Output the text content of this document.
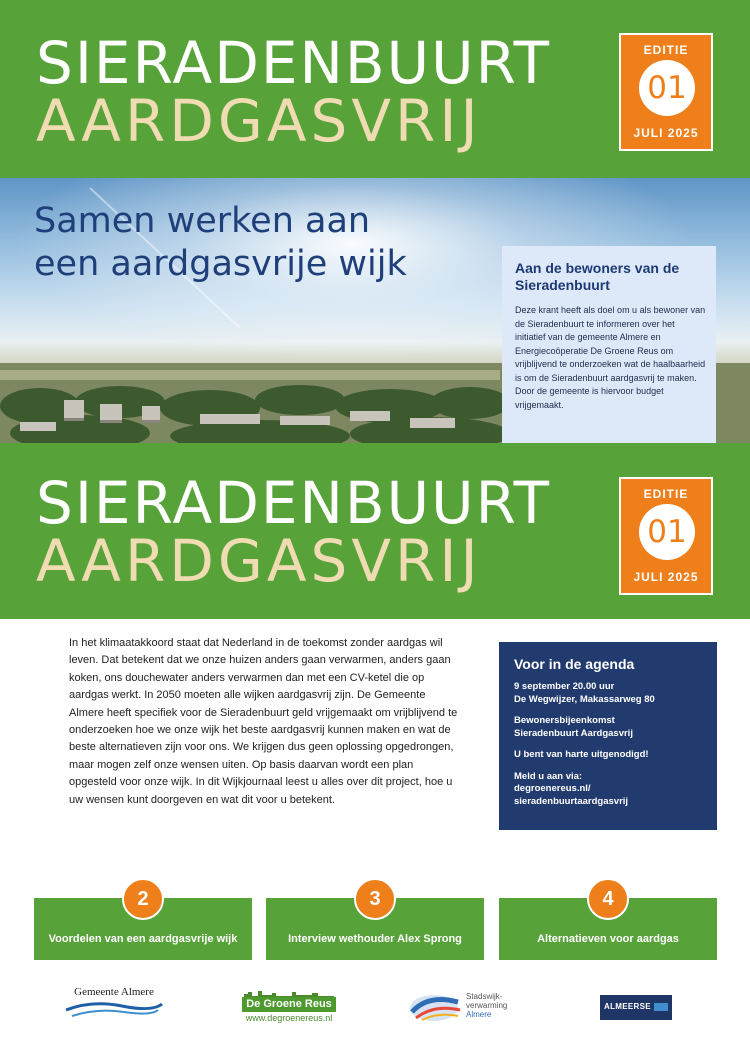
SIERADENBUURT
AARDGASVRIJ
EDITIE
01
JULI 2025
Samen werken aan
een aardgasvrije wijk	Aan de bewoners van de Sieradenbuurt

Deze krant heeft als doel om u als bewoner van de Sieradenbuurt te informeren over het initiatief van de gemeente Almere en Energiecoöperatie De Groene Reus om vrijblijvend te onderzoeken wat de haalbaarheid is om de Sieradenbuurt aardgasvrij te maken. Door de gemeente is hiervoor budget vrijgemaakt.

SIERADENBUURT
AARDGASVRIJ
EDITIE
01
JULI 2025
In het klimaatakkoord staat dat Nederland in de toekomst zonder aardgas wil leven. Dat betekent dat we onze huizen anders gaan verwarmen, anders gaan koken, ons douchewater anders verwarmen dan met een CV-ketel die op aardgas werkt. In 2050 moeten alle wijken aardgasvrij zijn. De Gemeente Almere heeft specifiek voor de Sieradenbuurt geld vrijgemaakt om vrijblijvend te onderzoeken hoe we onze wijk het beste aardgasvrij kunnen maken en wat de beste alternatieven zijn voor ons. We krijgen dus geen oplossing opgedrongen, maar mogen zelf onze wensen uiten. Op basis daarvan wordt een plan opgesteld voor onze wijk. In dit Wijkjournaal leest u alles over dit project, hoe u uw wensen kunt doorgeven en wat dit voor u betekent.
Voor in de agenda

9 september 20.00 uur
De Wegwijzer, Makassarweg 80

Bewonersbijeenkomst
Sieradenbuurt Aardgasvrij

U bent van harte uitgenodigd!

Meld u aan via:
degroenereus.nl/
sieradenbuurtaardgasvrij

2
Voordelen van een aardgasvrije wijk
3
Interview wethouder Alex Sprong
4
Alternatieven voor aardgas
Gemeente Almere
De Groene Reus
www.degroenereus.nl
Stadswijk-
verwarming
Almere
ALMEERSE
